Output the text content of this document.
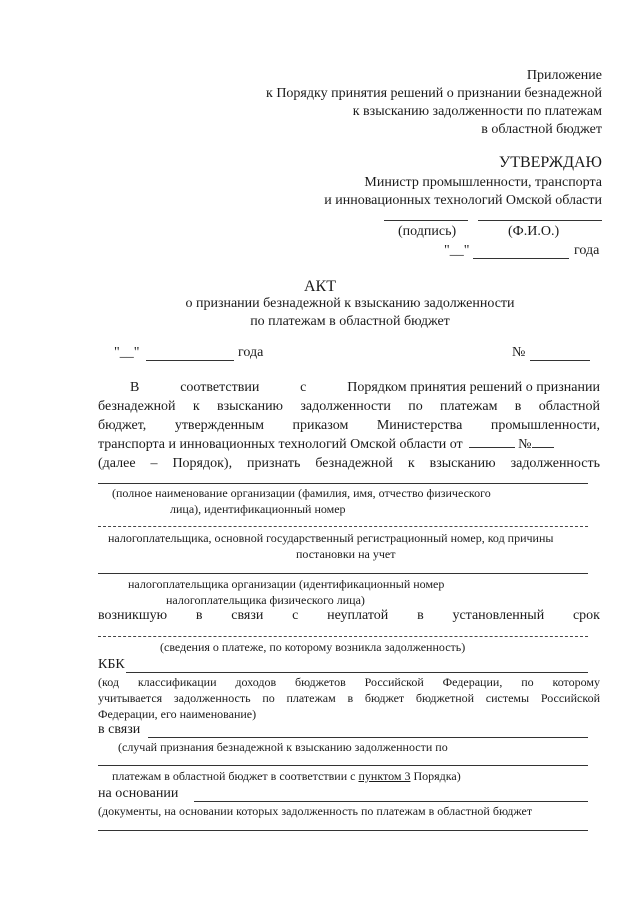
Приложение
к Порядку принятия решений о признании безнадежной
к взысканию задолженности по платежам
в областной бюджет
УТВЕРЖДАЮ
Министр промышленности, транспорта
и инновационных технологий Омской области
(подпись)	(Ф.И.О.)
"__"	года
АКТ
о признании безнадежной к взысканию задолженности
по платежам в областной бюджет
"__"	года	№
В	соответствии	с	Порядком принятия решений о признании
безнадежной к взысканию задолженности по платежам в областной
бюджет, утвержденным приказом Министерства промышленности,
транспорта и инновационных технологий Омской области от	№
(далее – Порядок), признать безнадежной к взысканию задолженность
(полное наименование организации (фамилия, имя, отчество физического
лица), идентификационный номер
налогоплательщика, основной государственный регистрационный номер, код причины
постановки на учет
налогоплательщика организации (идентификационный номер
налогоплательщика физического лица)
возникшую в связи с неуплатой в установленный срок
(сведения о платеже, по которому возникла задолженность)
КБК
(код классификации доходов бюджетов Российской Федерации, по которому
учитывается задолженность по платежам в бюджет бюджетной системы Российской
Федерации, его наименование)
в связи
(случай признания безнадежной к взысканию задолженности по
платежам в областной бюджет в соответствии с пунктом 3 Порядка)
на основании
(документы, на основании которых задолженность по платежам в областной бюджет
